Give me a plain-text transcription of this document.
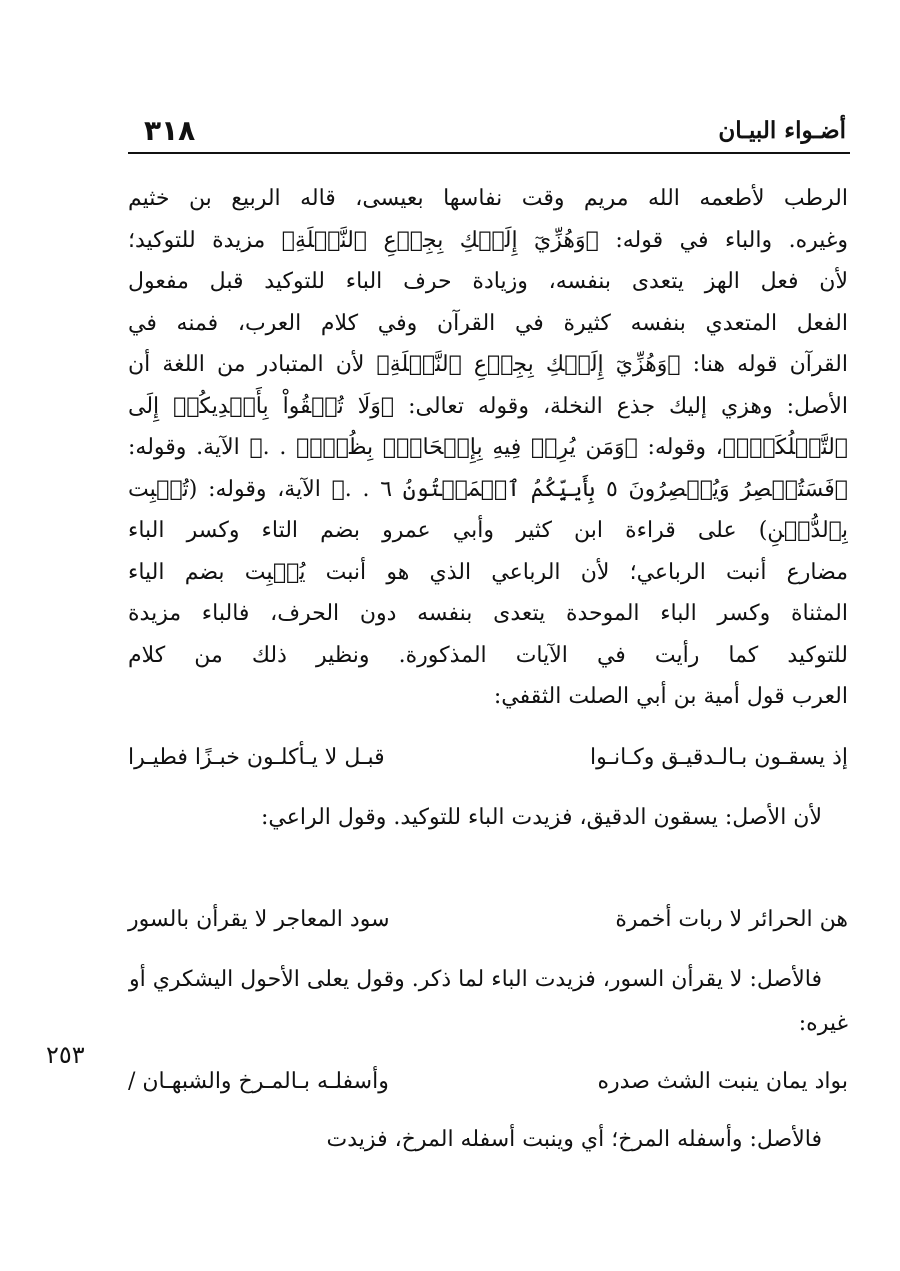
٣١٨	أضـواء البيـان
الرطب لأطعمه الله مريم وقت نفاسها بعيسى، قاله الربيع بن خثيم
وغيره. والباء في قوله: ﴿وَهُزِّيٓ إِلَيۡكِ بِجِذۡعِ ٱلنَّخۡلَةِ﴾ مزيدة للتوكيد؛
لأن فعل الهز يتعدى بنفسه، وزيادة حرف الباء للتوكيد قبل مفعول
الفعل المتعدي بنفسه كثيرة في القرآن وفي كلام العرب، فمنه في
القرآن قوله هنا: ﴿وَهُزِّيٓ إِلَيۡكِ بِجِذۡعِ ٱلنَّخۡلَةِ﴾ لأن المتبادر من اللغة أن
الأصل: وهزي إليك جذع النخلة، وقوله تعالى: ﴿وَلَا تُلۡقُواْ بِأَيۡدِيكُمۡ إِلَى
ٱلتَّهۡلُكَةِۛ﴾، وقوله: ﴿وَمَن يُرِدۡ فِيهِ بِإِلۡحَادِۭ بِظُلۡمٖ . .﴾ الآية. وقوله:
﴿فَسَتُبۡصِرُ وَيُبۡصِرُونَ ٥ بِأَييِّكُمُ ٱلۡمَفۡتُونُ ٦ . .﴾ الآية، وقوله: (تُنۢبِت
بِٱلدُّهۡنِ) على قراءة ابن كثير وأبي عمرو بضم التاء وكسر الباء
مضارع أنبت الرباعي؛ لأن الرباعي الذي هو أنبت يُنۢبِت بضم الياء
المثناة وكسر الباء الموحدة يتعدى بنفسه دون الحرف، فالباء مزيدة
للتوكيد كما رأيت في الآيات المذكورة. ونظير ذلك من كلام
العرب قول أمية بن أبي الصلت الثقفي:
إذ يسقـون بـالـدقيـق وكـانـوا
قبـل لا يـأكلـون خبـزًا فطيـرا
لأن الأصل: يسقون الدقيق، فزيدت الباء للتوكيد. وقول الراعي:
هن الحرائر لا ربات أخمرة
سود المعاجر لا يقرأن بالسور
فالأصل: لا يقرأن السور، فزيدت الباء لما ذكر. وقول يعلى الأحول اليشكري أو غيره:
بواد يمان ينبت الشث صدره
وأسفلـه بـالمـرخ والشبهـان /
فالأصل: وأسفله المرخ؛ أي وينبت أسفله المرخ، فزيدت
٢٥٣
